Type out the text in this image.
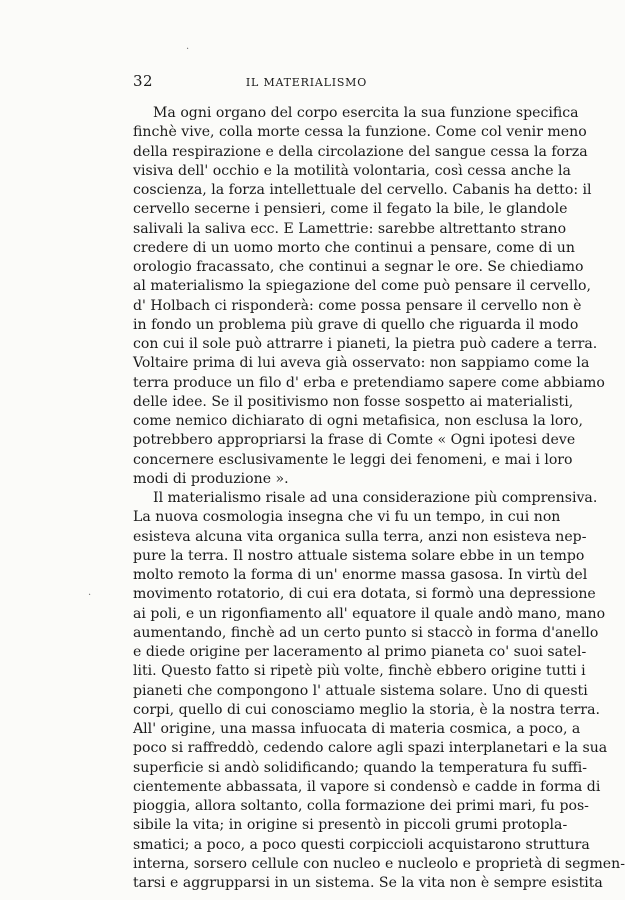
32	IL MATERIALISMO
Ma ogni organo del corpo esercita la sua funzione specifica
finchè vive, colla morte cessa la funzione. Come col venir meno
della respirazione e della circolazione del sangue cessa la forza
visiva dell' occhio e la motilità volontaria, così cessa anche la
coscienza, la forza intellettuale del cervello. Cabanis ha detto: il
cervello secerne i pensieri, come il fegato la bile, le glandole
salivali la saliva ecc. E Lamettrie: sarebbe altrettanto strano
credere di un uomo morto che continui a pensare, come di un
orologio fracassato, che continui a segnar le ore. Se chiediamo
al materialismo la spiegazione del come può pensare il cervello,
d' Holbach ci risponderà: come possa pensare il cervello non è
in fondo un problema più grave di quello che riguarda il modo
con cui il sole può attrarre i pianeti, la pietra può cadere a terra.
Voltaire prima di lui aveva già osservato: non sappiamo come la
terra produce un filo d' erba e pretendiamo sapere come abbiamo
delle idee. Se il positivismo non fosse sospetto ai materialisti,
come nemico dichiarato di ogni metafisica, non esclusa la loro,
potrebbero appropriarsi la frase di Comte « Ogni ipotesi deve
concernere esclusivamente le leggi dei fenomeni, e mai i loro
modi di produzione ».
Il materialismo risale ad una considerazione più comprensiva.
La nuova cosmologia insegna che vi fu un tempo, in cui non
esisteva alcuna vita organica sulla terra, anzi non esisteva nep-
pure la terra. Il nostro attuale sistema solare ebbe in un tempo
molto remoto la forma di un' enorme massa gasosa. In virtù del
movimento rotatorio, di cui era dotata, si formò una depressione
ai poli, e un rigonfiamento all' equatore il quale andò mano, mano
aumentando, finchè ad un certo punto si staccò in forma d'anello
e diede origine per laceramento al primo pianeta co' suoi satel-
liti. Questo fatto si ripetè più volte, finchè ebbero origine tutti i
pianeti che compongono l' attuale sistema solare. Uno di questi
corpi, quello di cui conosciamo meglio la storia, è la nostra terra.
All' origine, una massa infuocata di materia cosmica, a poco, a
poco si raffreddò, cedendo calore agli spazi interplanetari e la sua
superficie si andò solidificando; quando la temperatura fu suffi-
cientemente abbassata, il vapore si condensò e cadde in forma di
pioggia, allora soltanto, colla formazione dei primi mari, fu pos-
sibile la vita; in origine si presentò in piccoli grumi protopla-
smatici; a poco, a poco questi corpiccioli acquistarono struttura
interna, sorsero cellule con nucleo e nucleolo e proprietà di segmen-
tarsi e aggrupparsi in un sistema. Se la vita non è sempre esistita
·
·
